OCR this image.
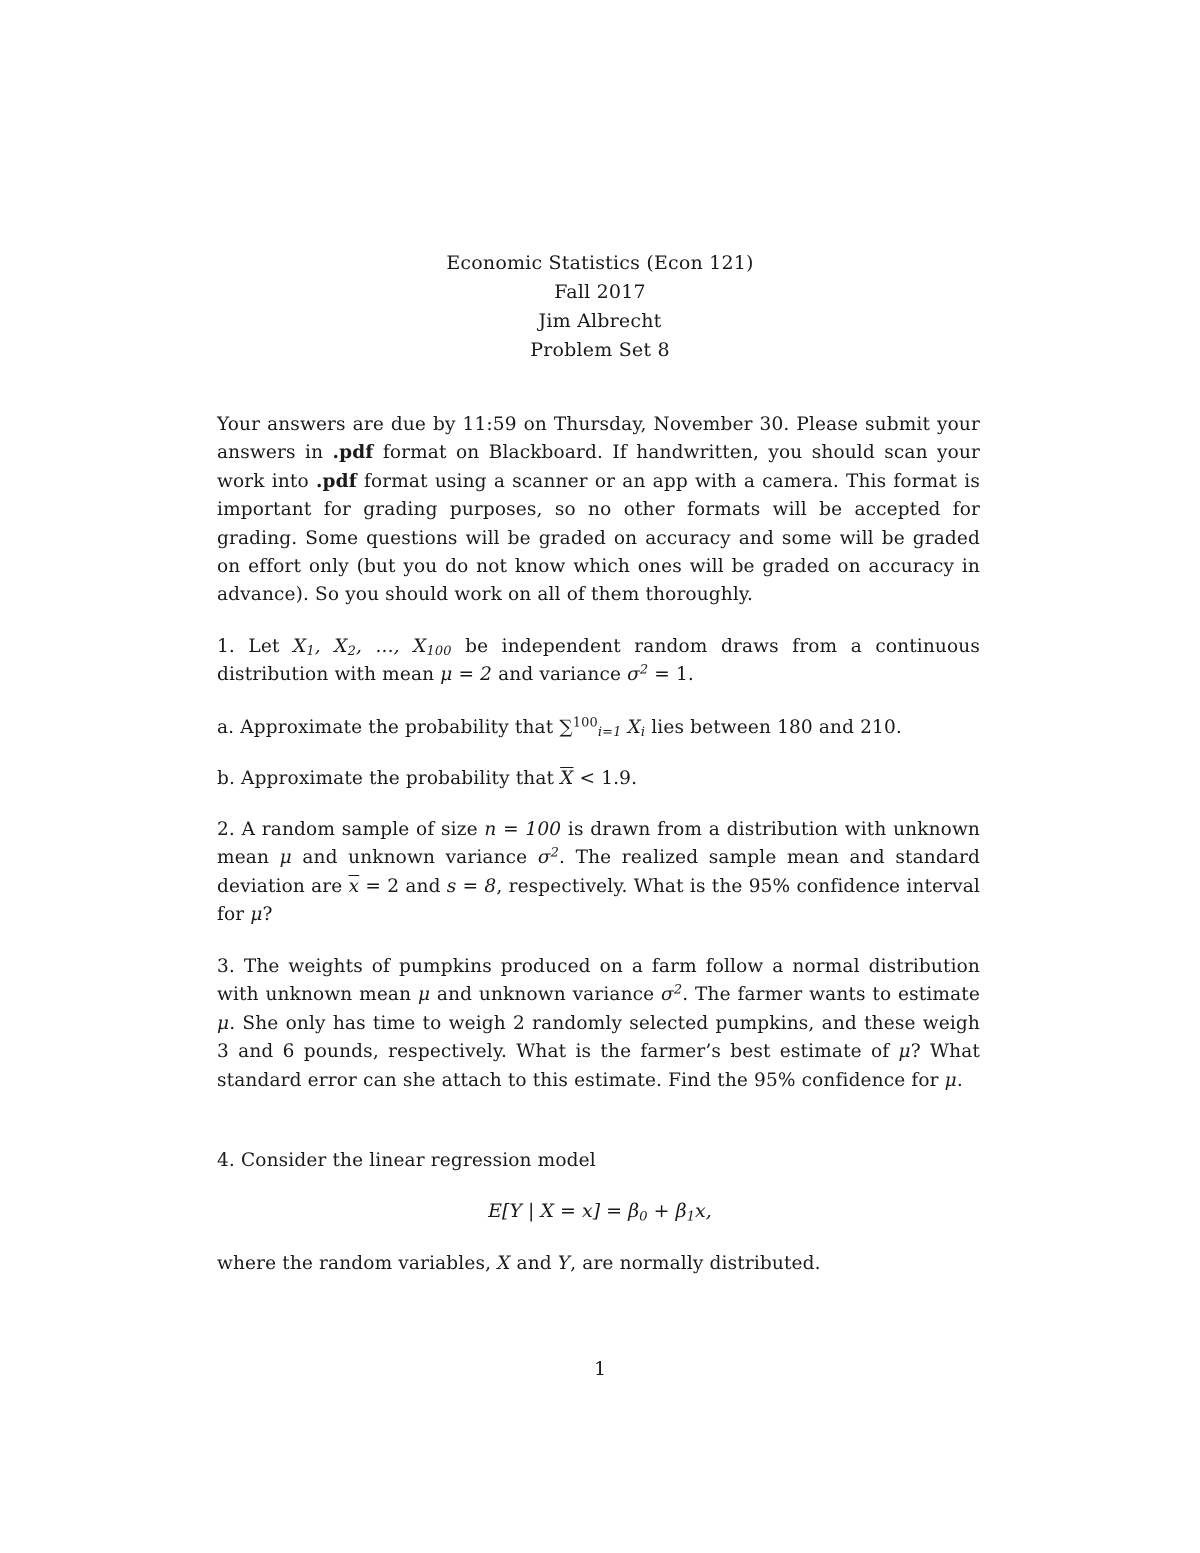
Economic Statistics (Econ 121)
Fall 2017
Jim Albrecht
Problem Set 8
Your answers are due by 11:59 on Thursday, November 30. Please submit your answers in .pdf format on Blackboard. If handwritten, you should scan your work into .pdf format using a scanner or an app with a camera. This format is important for grading purposes, so no other formats will be accepted for grading. Some questions will be graded on accuracy and some will be graded on effort only (but you do not know which ones will be graded on accuracy in advance). So you should work on all of them thoroughly.
1. Let $X_1$, $X_2$, ..., $X_{100}$ be independent random draws from a continuous distribution with mean μ = 2 and variance $\sigma^2 = 1$.
a. Approximate the probability that ∑$^{100}_{i=1}$ $X_i$ lies between 180 and 210.
b. Approximate the probability that $\overline{X} < 1.9$.
2. A random sample of size n = 100 is drawn from a distribution with unknown mean μ and unknown variance $\sigma^2$. The realized sample mean and standard deviation are $\overline{x} = 2$ and s = 8, respectively. What is the 95% confidence interval for μ?
3. The weights of pumpkins produced on a farm follow a normal distribution with unknown mean μ and unknown variance $\sigma^2$. The farmer wants to estimate μ. She only has time to weigh 2 randomly selected pumpkins, and these weigh 3 and 6 pounds, respectively. What is the farmer’s best estimate of μ? What standard error can she attach to this estimate. Find the 95% confidence for μ.
4. Consider the linear regression model
E[Y | $X = x] = \beta_0 + \beta_1x$,
where the random variables, X and Y, are normally distributed.
1
